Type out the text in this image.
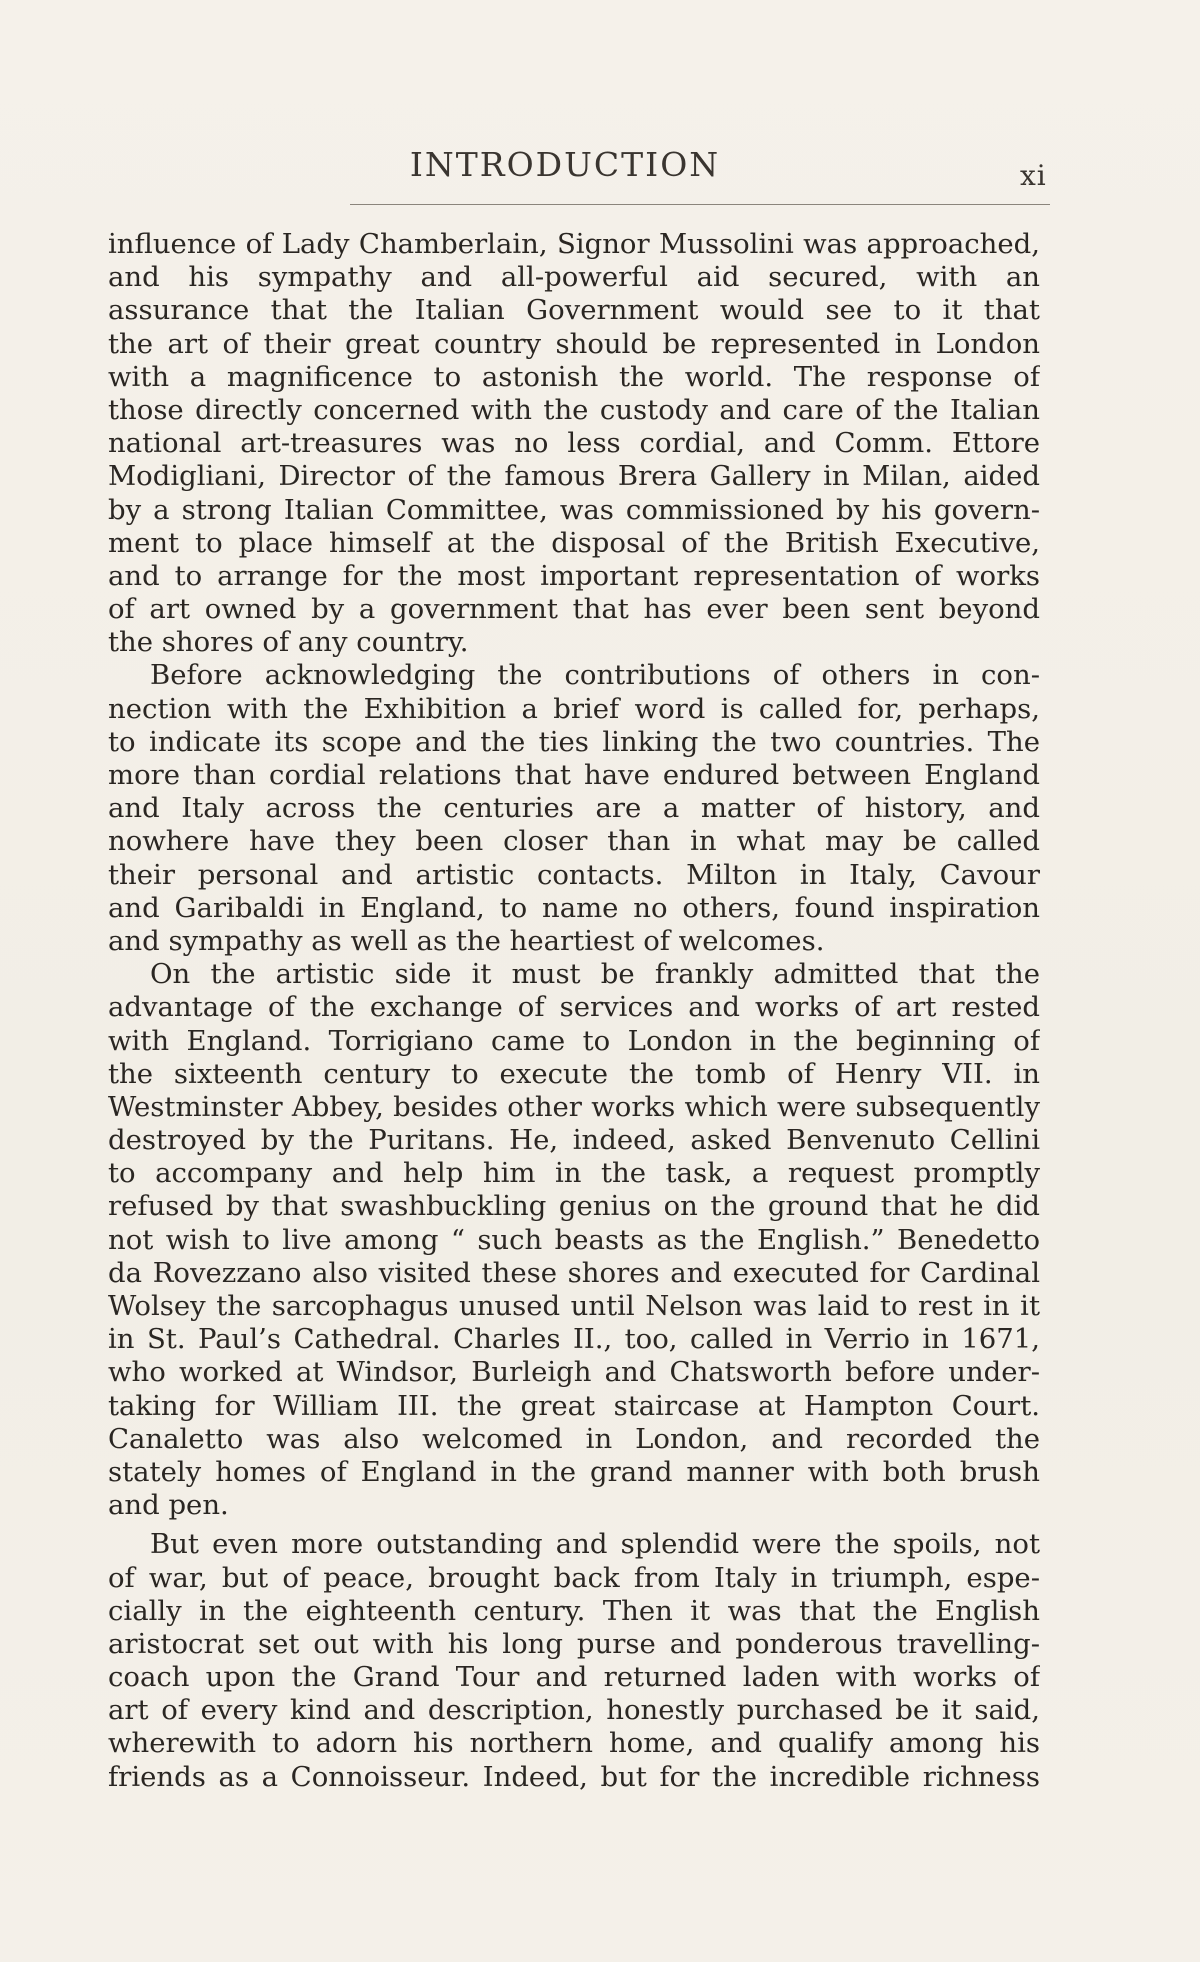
INTRODUCTION	xi
influence of Lady Chamberlain, Signor Mussolini was approached,
and his sympathy and all-powerful aid secured, with an
assurance that the Italian Government would see to it that
the art of their great country should be represented in London
with a magnificence to astonish the world. The response of
those directly concerned with the custody and care of the Italian
national art-treasures was no less cordial, and Comm. Ettore
Modigliani, Director of the famous Brera Gallery in Milan, aided
by a strong Italian Committee, was commissioned by his govern-
ment to place himself at the disposal of the British Executive,
and to arrange for the most important representation of works
of art owned by a government that has ever been sent beyond
the shores of any country.
Before acknowledging the contributions of others in con-
nection with the Exhibition a brief word is called for, perhaps,
to indicate its scope and the ties linking the two countries. The
more than cordial relations that have endured between England
and Italy across the centuries are a matter of history, and
nowhere have they been closer than in what may be called
their personal and artistic contacts. Milton in Italy, Cavour
and Garibaldi in England, to name no others, found inspiration
and sympathy as well as the heartiest of welcomes.
On the artistic side it must be frankly admitted that the
advantage of the exchange of services and works of art rested
with England. Torrigiano came to London in the beginning of
the sixteenth century to execute the tomb of Henry VII. in
Westminster Abbey, besides other works which were subsequently
destroyed by the Puritans. He, indeed, asked Benvenuto Cellini
to accompany and help him in the task, a request promptly
refused by that swashbuckling genius on the ground that he did
not wish to live among “ such beasts as the English.” Benedetto
da Rovezzano also visited these shores and executed for Cardinal
Wolsey the sarcophagus unused until Nelson was laid to rest in it
in St. Paul’s Cathedral. Charles II., too, called in Verrio in 1671,
who worked at Windsor, Burleigh and Chatsworth before under-
taking for William III. the great staircase at Hampton Court.
Canaletto was also welcomed in London, and recorded the
stately homes of England in the grand manner with both brush
and pen.
But even more outstanding and splendid were the spoils, not
of war, but of peace, brought back from Italy in triumph, espe-
cially in the eighteenth century. Then it was that the English
aristocrat set out with his long purse and ponderous travelling-
coach upon the Grand Tour and returned laden with works of
art of every kind and description, honestly purchased be it said,
wherewith to adorn his northern home, and qualify among his
friends as a Connoisseur. Indeed, but for the incredible richness
